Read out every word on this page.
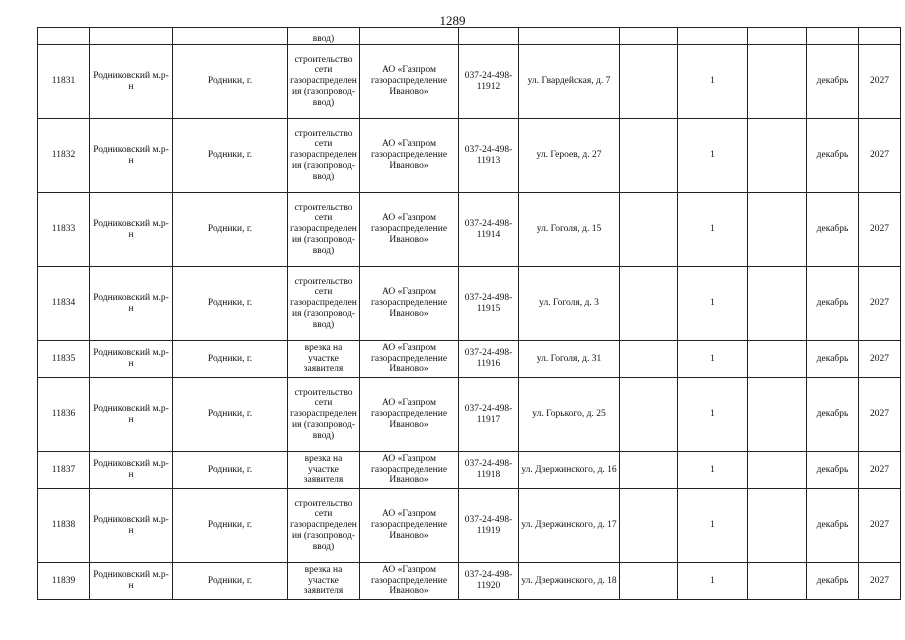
1289
			ввод)								
11831	Родниковский м.р-н	Родники, г.	строительство сети газораспределения (газопровод-ввод)	АО «Газпром газораспределение Иваново»	037-24-498-11912	ул. Гвардейская, д. 7		1		декабрь	2027
11832	Родниковский м.р-н	Родники, г.	строительство сети газораспределения (газопровод-ввод)	АО «Газпром газораспределение Иваново»	037-24-498-11913	ул. Героев, д. 27		1		декабрь	2027
11833	Родниковский м.р-н	Родники, г.	строительство сети газораспределения (газопровод-ввод)	АО «Газпром газораспределение Иваново»	037-24-498-11914	ул. Гоголя, д. 15		1		декабрь	2027
11834	Родниковский м.р-н	Родники, г.	строительство сети газораспределения (газопровод-ввод)	АО «Газпром газораспределение Иваново»	037-24-498-11915	ул. Гоголя, д. 3		1		декабрь	2027
11835	Родниковский м.р-н	Родники, г.	врезка на участке заявителя	АО «Газпром газораспределение Иваново»	037-24-498-11916	ул. Гоголя, д. 31		1		декабрь	2027
11836	Родниковский м.р-н	Родники, г.	строительство сети газораспределения (газопровод-ввод)	АО «Газпром газораспределение Иваново»	037-24-498-11917	ул. Горького, д. 25		1		декабрь	2027
11837	Родниковский м.р-н	Родники, г.	врезка на участке заявителя	АО «Газпром газораспределение Иваново»	037-24-498-11918	ул. Дзержинского, д. 16		1		декабрь	2027
11838	Родниковский м.р-н	Родники, г.	строительство сети газораспределения (газопровод-ввод)	АО «Газпром газораспределение Иваново»	037-24-498-11919	ул. Дзержинского, д. 17		1		декабрь	2027
11839	Родниковский м.р-н	Родники, г.	врезка на участке заявителя	АО «Газпром газораспределение Иваново»	037-24-498-11920	ул. Дзержинского, д. 18		1		декабрь	2027
